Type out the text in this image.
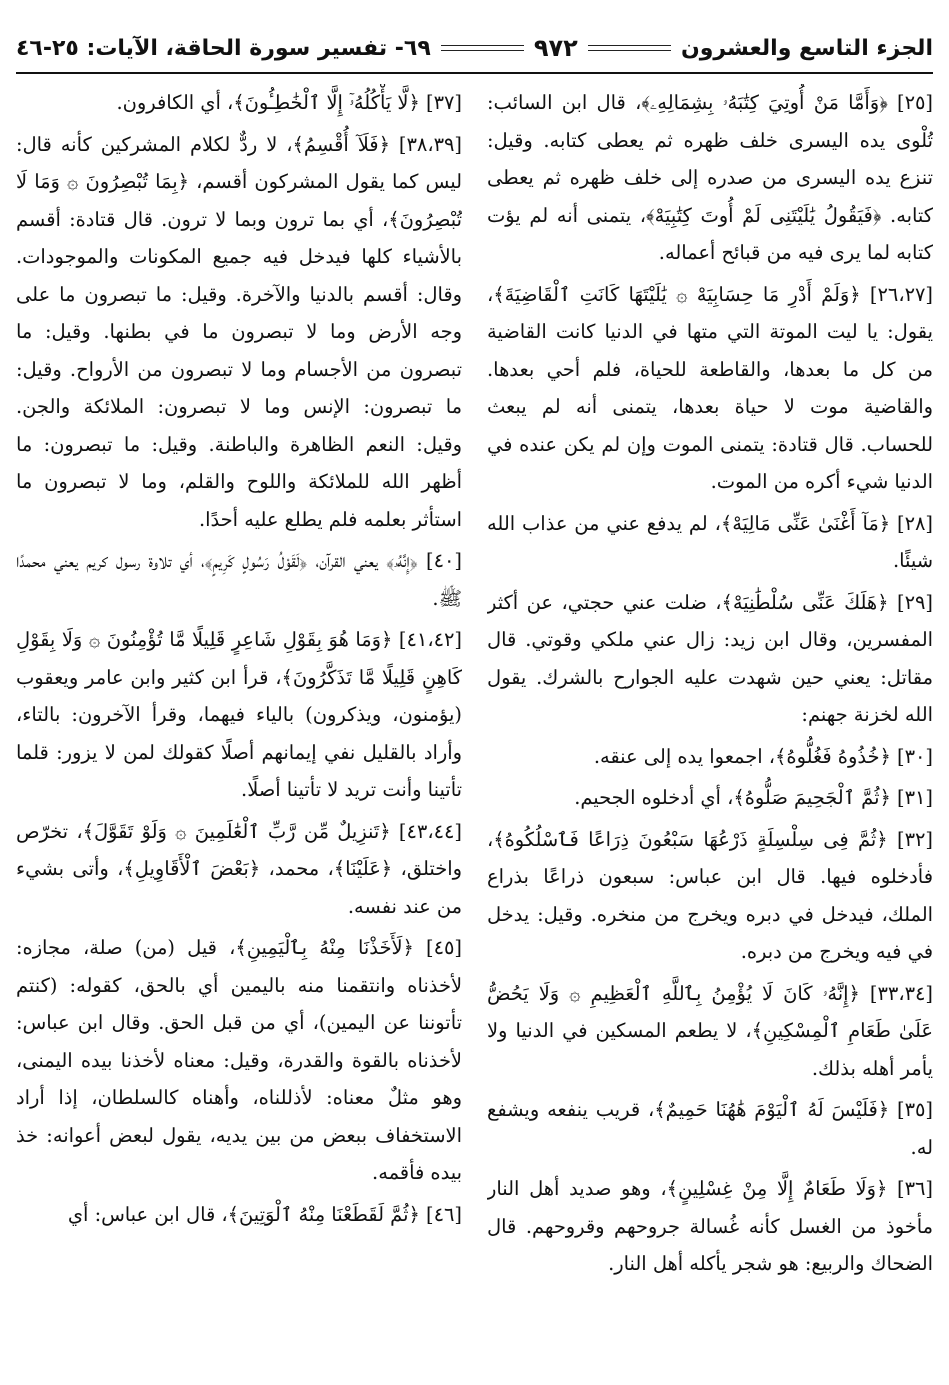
الجزء التاسع والعشرون
٩٧٢
٦٩- تفسير سورة الحاقة، الآيات: ٢٥-٤٦

[٢٥] ﴿وَأَمَّا مَنْ أُوتِيَ كِتَٰبَهُۥ بِشِمَالِهِۦ﴾، قال ابن السائب: تُلْوى يده اليسرى خلف ظهره ثم يعطى كتابه. وقيل: تنزع يده اليسرى من صدره إلى خلف ظهره ثم يعطى كتابه. ﴿فَيَقُولُ يَٰلَيْتَنِى لَمْ أُوتَ كِتَٰبِيَهْ﴾، يتمنى أنه لم يؤت كتابه لما يرى فيه من قبائح أعماله.

[٢٦،٢٧] ﴿وَلَمْ أَدْرِ مَا حِسَابِيَهْ ۞ يَٰلَيْتَهَا كَانَتِ ٱلْقَاضِيَةَ﴾، يقول: يا ليت الموتة التي متها في الدنيا كانت القاضية من كل ما بعدها، والقاطعة للحياة، فلم أحي بعدها. والقاضية موت لا حياة بعدها، يتمنى أنه لم يبعث للحساب. قال قتادة: يتمنى الموت وإن لم يكن عنده في الدنيا شيء أكره من الموت.

[٢٨] ﴿مَآ أَغْنَىٰ عَنِّى مَالِيَهْ﴾، لم يدفع عني من عذاب الله شيئًا.

[٢٩] ﴿هَلَكَ عَنِّى سُلْطَٰنِيَهْ﴾، ضلت عني حجتي، عن أكثر المفسرين، وقال ابن زيد: زال عني ملكي وقوتي. قال مقاتل: يعني حين شهدت عليه الجوارح بالشرك. يقول الله لخزنة جهنم:

[٣٠] ﴿خُذُوهُ فَغُلُّوهُ﴾، اجمعوا يده إلى عنقه.

[٣١] ﴿ثُمَّ ٱلْجَحِيمَ صَلُّوهُ﴾، أي أدخلوه الجحيم.

[٣٢] ﴿ثُمَّ فِى سِلْسِلَةٍ ذَرْعُهَا سَبْعُونَ ذِرَاعًا فَٱسْلُكُوهُ﴾، فأدخلوه فيها. قال ابن عباس: سبعون ذراعًا بذراع الملك، فيدخل في دبره ويخرج من منخره. وقيل: يدخل في فيه ويخرج من دبره.

[٣٣،٣٤] ﴿إِنَّهُۥ كَانَ لَا يُؤْمِنُ بِٱللَّهِ ٱلْعَظِيمِ ۞ وَلَا يَحُضُّ عَلَىٰ طَعَامِ ٱلْمِسْكِينِ﴾، لا يطعم المسكين في الدنيا ولا يأمر أهله بذلك.

[٣٥] ﴿فَلَيْسَ لَهُ ٱلْيَوْمَ هَٰهُنَا حَمِيمٌ﴾، قريب ينفعه ويشفع له.

[٣٦] ﴿وَلَا طَعَامٌ إِلَّا مِنْ غِسْلِينٍ﴾، وهو صديد أهل النار مأخوذ من الغسل كأنه غُسالة جروحهم وقروحهم. قال الضحاك والربيع: هو شجر يأكله أهل النار.

[٣٧] ﴿لَّا يَأْكُلُهُۥٓ إِلَّا ٱلْخَٰطِـُٔونَ﴾، أي الكافرون.

[٣٨،٣٩] ﴿فَلَآ أُقْسِمُ﴾، لا ردٌّ لكلام المشركين كأنه قال: ليس كما يقول المشركون أقسم، ﴿بِمَا تُبْصِرُونَ ۞ وَمَا لَا تُبْصِرُونَ﴾، أي بما ترون وبما لا ترون. قال قتادة: أقسم بالأشياء كلها فيدخل فيه جميع المكونات والموجودات. وقال: أقسم بالدنيا والآخرة. وقيل: ما تبصرون ما على وجه الأرض وما لا تبصرون ما في بطنها. وقيل: ما تبصرون من الأجسام وما لا تبصرون من الأرواح. وقيل: ما تبصرون: الإنس وما لا تبصرون: الملائكة والجن. وقيل: النعم الظاهرة والباطنة. وقيل: ما تبصرون: ما أظهر الله للملائكة واللوح والقلم، وما لا تبصرون ما استأثر بعلمه فلم يطلع عليه أحدًا.

[٤٠] ﴿إِنَّهُۥ﴾ يعني القرآن، ﴿لَقَوْلُ رَسُولٍ كَرِيمٍ﴾، أي تلاوة رسول كريم يعني محمدًا ﷺ.

[٤١،٤٢] ﴿وَمَا هُوَ بِقَوْلِ شَاعِرٍ قَلِيلًا مَّا تُؤْمِنُونَ ۞ وَلَا بِقَوْلِ كَاهِنٍ قَلِيلًا مَّا تَذَكَّرُونَ﴾، قرأ ابن كثير وابن عامر ويعقوب (يؤمنون، ويذكرون) بالياء فيهما، وقرأ الآخرون: بالتاء، وأراد بالقليل نفي إيمانهم أصلًا كقولك لمن لا يزور: قلما تأتينا وأنت تريد لا تأتينا أصلًا.

[٤٣،٤٤] ﴿تَنزِيلٌ مِّن رَّبِّ ٱلْعَٰلَمِينَ ۞ وَلَوْ تَقَوَّلَ﴾، تخرّص واختلق، ﴿عَلَيْنَا﴾، محمد، ﴿بَعْضَ ٱلْأَقَاوِيلِ﴾، وأتى بشيء من عند نفسه.

[٤٥] ﴿لَأَخَذْنَا مِنْهُ بِٱلْيَمِينِ﴾، قيل (من) صلة، مجازه: لأخذناه وانتقمنا منه باليمين أي بالحق، كقوله: (كنتم تأتوننا عن اليمين)، أي من قبل الحق. وقال ابن عباس: لأخذناه بالقوة والقدرة، وقيل: معناه لأخذنا بيده اليمنى، وهو مثلٌ معناه: لأذللناه، وأهناه كالسلطان، إذا أراد الاستخفاف ببعض من بين يديه، يقول لبعض أعوانه: خذ بيده فأقمه.

[٤٦] ﴿ثُمَّ لَقَطَعْنَا مِنْهُ ٱلْوَتِينَ﴾، قال ابن عباس: أي
